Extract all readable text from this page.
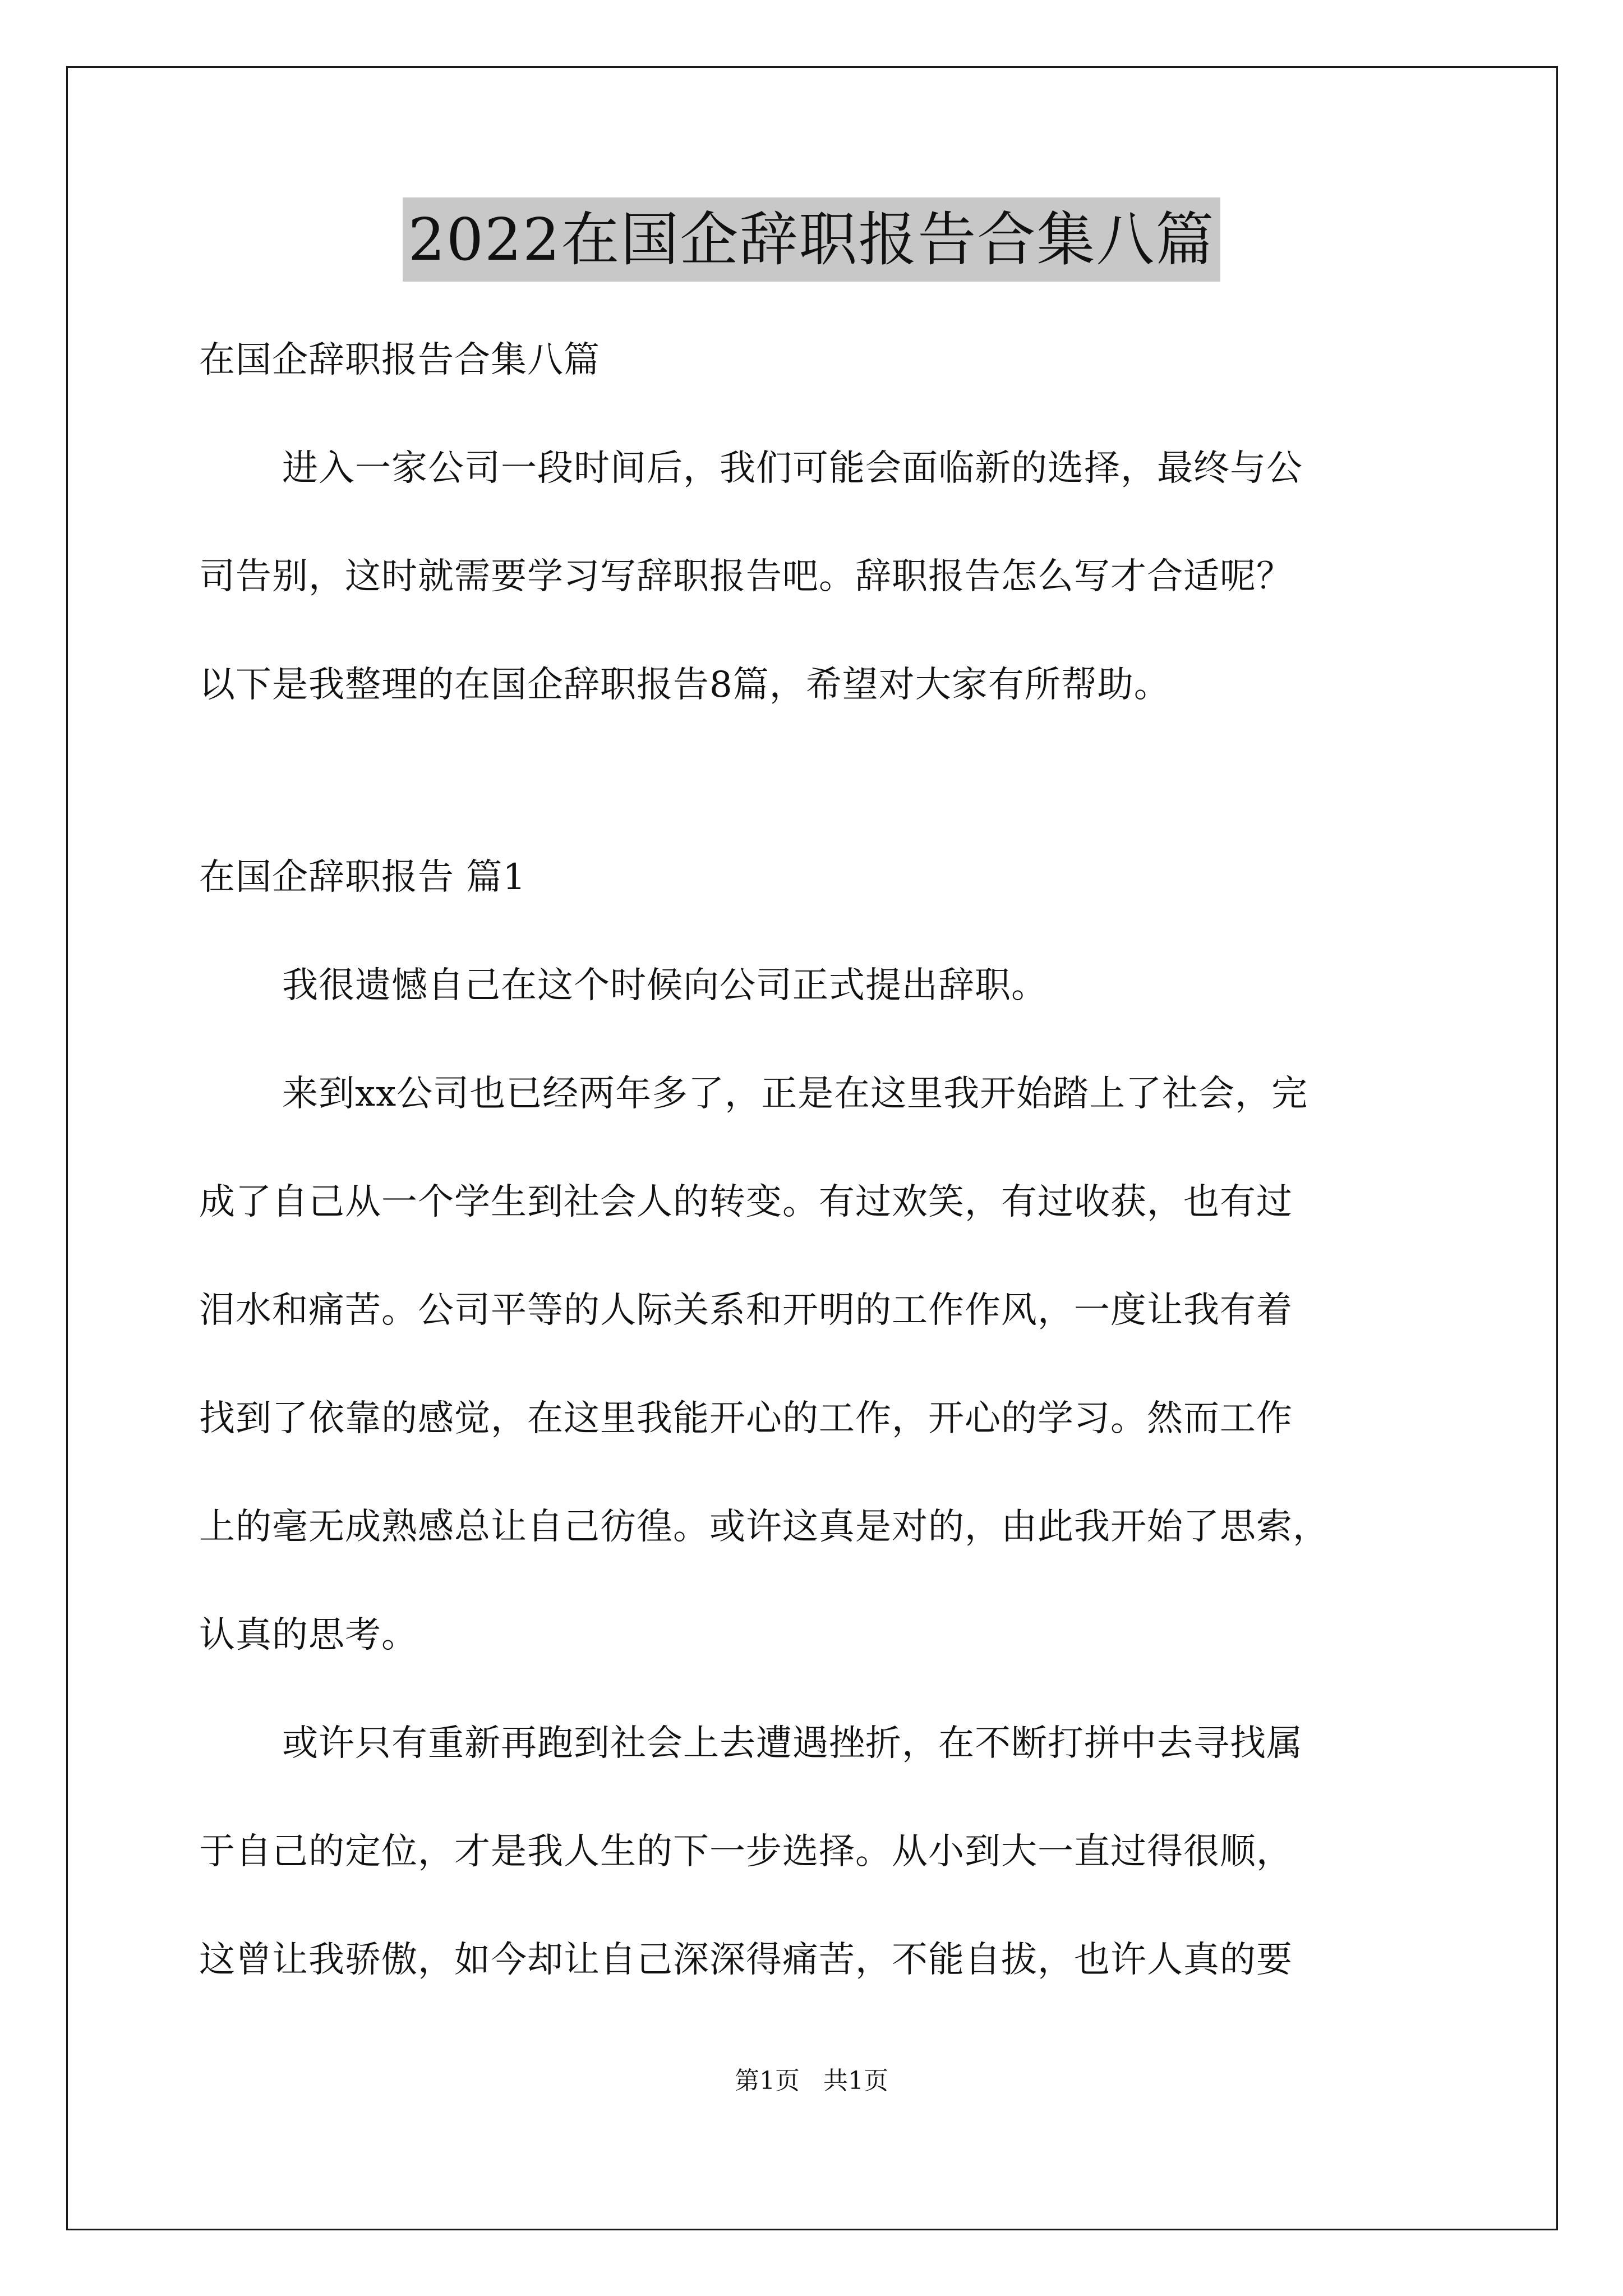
2022在国企辞职报告合集八篇

在国企辞职报告合集八篇

进入一家公司一段时间后，我们可能会面临新的选择，最终与公

司告别，这时就需要学习写辞职报告吧。辞职报告怎么写才合适呢？

以下是我整理的在国企辞职报告8篇，希望对大家有所帮助。

在国企辞职报告 篇1

我很遗憾自己在这个时候向公司正式提出辞职。

来到xx公司也已经两年多了，正是在这里我开始踏上了社会，完

成了自己从一个学生到社会人的转变。有过欢笑，有过收获，也有过

泪水和痛苦。公司平等的人际关系和开明的工作作风，一度让我有着

找到了依靠的感觉，在这里我能开心的工作，开心的学习。然而工作

上的毫无成熟感总让自己彷徨。或许这真是对的，由此我开始了思索，

认真的思考。

或许只有重新再跑到社会上去遭遇挫折，在不断打拼中去寻找属

于自己的定位，才是我人生的下一步选择。从小到大一直过得很顺，

这曾让我骄傲，如今却让自己深深得痛苦，不能自拔，也许人真的要

第1页 共1页
